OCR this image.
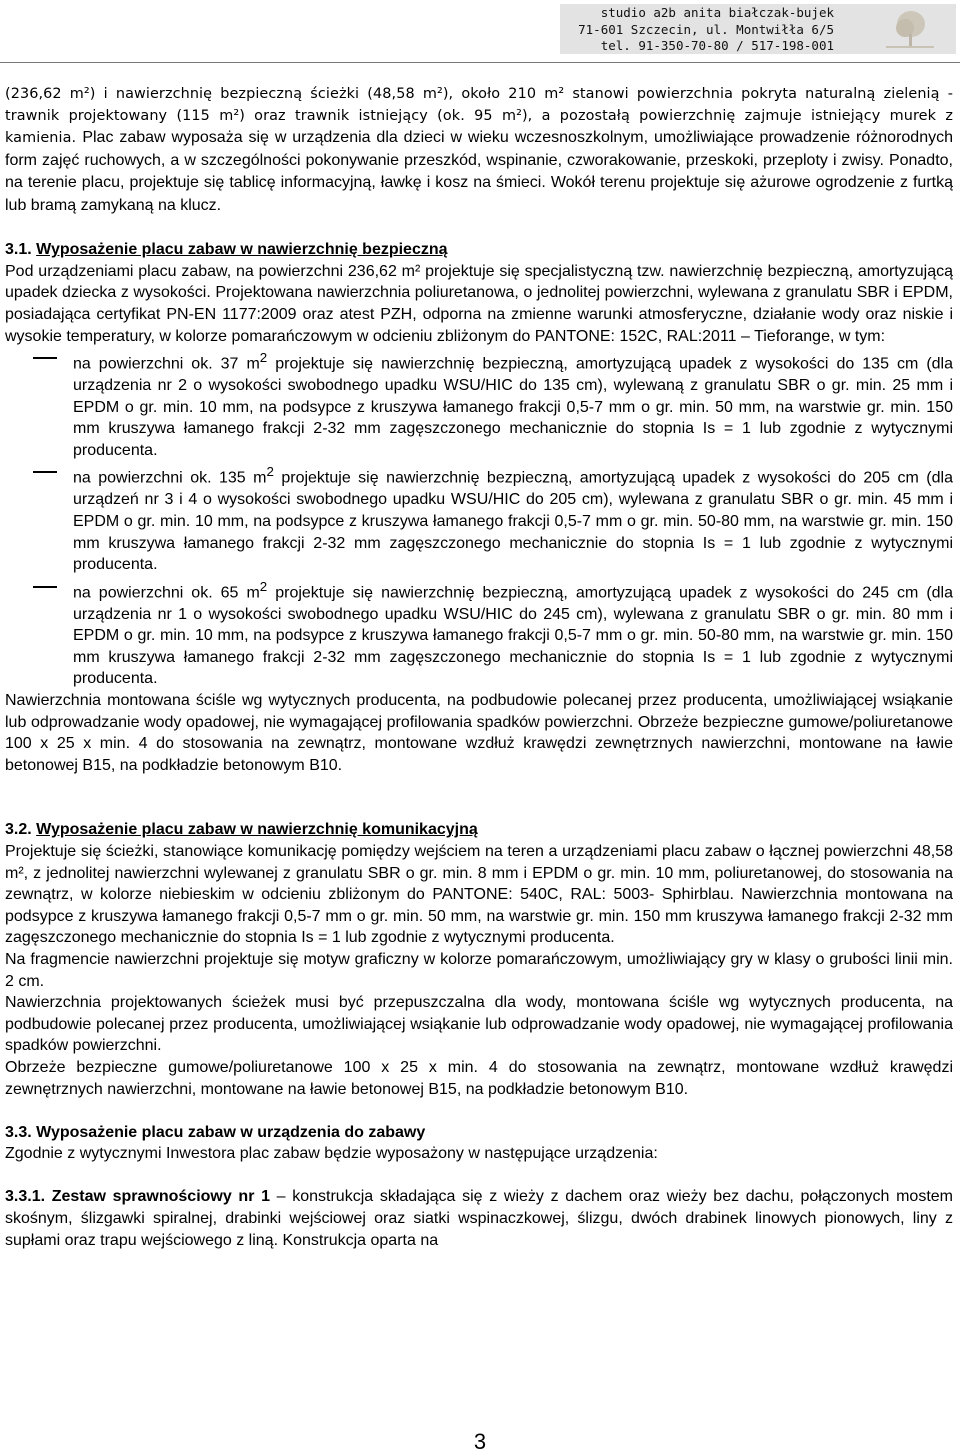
studio a2b anita białczak-bujek
71-601 Szczecin, ul. Montwiłła 6/5
tel. 91-350-70-80 / 517-198-001

(236,62 m²) i nawierzchnię bezpieczną ścieżki (48,58 m²), około 210 m² stanowi powierzchnia pokryta naturalną zielenią - trawnik projektowany (115 m²) oraz trawnik istniejący (ok. 95 m²), a pozostałą powierzchnię zajmuje istniejący murek z kamienia. Plac zabaw wyposaża się w urządzenia dla dzieci w wieku wczesnoszkolnym, umożliwiające prowadzenie różnorodnych form zajęć ruchowych, a w szczególności pokonywanie przeszkód, wspinanie, czworakowanie, przeskoki, przeploty i zwisy. Ponadto, na terenie placu, projektuje się tablicę informacyjną, ławkę i kosz na śmieci. Wokół terenu projektuje się ażurowe ogrodzenie z furtką lub bramą zamykaną na klucz.

3.1. Wyposażenie placu zabaw w nawierzchnię bezpieczną

Pod urządzeniami placu zabaw, na powierzchni 236,62 m² projektuje się specjalistyczną tzw. nawierzchnię bezpieczną, amortyzującą upadek dziecka z wysokości. Projektowana nawierzchnia poliuretanowa, o jednolitej powierzchni, wylewana z granulatu SBR i EPDM, posiadająca certyfikat PN-EN 1177:2009 oraz atest PZH, odporna na zmienne warunki atmosferyczne, działanie wody oraz niskie i wysokie temperatury, w kolorze pomarańczowym w odcieniu zbliżonym do PANTONE: 152C, RAL:2011 – Tieforange, w tym:

na powierzchni ok. 37 $m^2$ projektuje się nawierzchnię bezpieczną, amortyzującą upadek z wysokości do 135 cm (dla urządzenia nr 2 o wysokości swobodnego upadku WSU/HIC do 135 cm), wylewaną z granulatu SBR o gr. min. 25 mm i EPDM o gr. min. 10 mm, na podsypce z kruszywa łamanego frakcji 0,5-7 mm o gr. min. 50 mm, na warstwie gr. min. 150 mm kruszywa łamanego frakcji 2-32 mm zagęszczonego mechanicznie do stopnia Is = 1 lub zgodnie z wytycznymi producenta.
na powierzchni ok. 135 $m^2$ projektuje się nawierzchnię bezpieczną, amortyzującą upadek z wysokości do 205 cm (dla urządzeń nr 3 i 4 o wysokości swobodnego upadku WSU/HIC do 205 cm), wylewana z granulatu SBR o gr. min. 45 mm i EPDM o gr. min. 10 mm, na podsypce z kruszywa łamanego frakcji 0,5-7 mm o gr. min. 50-80 mm, na warstwie gr. min. 150 mm kruszywa łamanego frakcji 2-32 mm zagęszczonego mechanicznie do stopnia Is = 1 lub zgodnie z wytycznymi producenta.
na powierzchni ok. 65 $m^2$ projektuje się nawierzchnię bezpieczną, amortyzującą upadek z wysokości do 245 cm (dla urządzenia nr 1 o wysokości swobodnego upadku WSU/HIC do 245 cm), wylewana z granulatu SBR o gr. min. 80 mm i EPDM o gr. min. 10 mm, na podsypce z kruszywa łamanego frakcji 0,5-7 mm o gr. min. 50-80 mm, na warstwie gr. min. 150 mm kruszywa łamanego frakcji 2-32 mm zagęszczonego mechanicznie do stopnia Is = 1 lub zgodnie z wytycznymi producenta.

Nawierzchnia montowana ściśle wg wytycznych producenta, na podbudowie polecanej przez producenta, umożliwiającej wsiąkanie lub odprowadzanie wody opadowej, nie wymagającej profilowania spadków powierzchni. Obrzeże bezpieczne gumowe/poliuretanowe 100 x 25 x min. 4 do stosowania na zewnątrz, montowane wzdłuż krawędzi zewnętrznych nawierzchni, montowane na ławie betonowej B15, na podkładzie betonowym B10.

3.2. Wyposażenie placu zabaw w nawierzchnię komunikacyjną

Projektuje się ścieżki, stanowiące komunikację pomiędzy wejściem na teren a urządzeniami placu zabaw o łącznej powierzchni 48,58 m², z jednolitej nawierzchni wylewanej z granulatu SBR o gr. min. 8 mm i EPDM o gr. min. 10 mm, poliuretanowej, do stosowania na zewnątrz, w kolorze niebieskim w odcieniu zbliżonym do PANTONE: 540C, RAL: 5003- Sphirblau. Nawierzchnia montowana na podsypce z kruszywa łamanego frakcji 0,5-7 mm o gr. min. 50 mm, na warstwie gr. min. 150 mm kruszywa łamanego frakcji 2-32 mm zagęszczonego mechanicznie do stopnia Is = 1 lub zgodnie z wytycznymi producenta.

Na fragmencie nawierzchni projektuje się motyw graficzny w kolorze pomarańczowym, umożliwiający gry w klasy o grubości linii min. 2 cm.

Nawierzchnia projektowanych ścieżek musi być przepuszczalna dla wody, montowana ściśle wg wytycznych producenta, na podbudowie polecanej przez producenta, umożliwiającej wsiąkanie lub odprowadzanie wody opadowej, nie wymagającej profilowania spadków powierzchni.

Obrzeże bezpieczne gumowe/poliuretanowe 100 x 25 x min. 4 do stosowania na zewnątrz, montowane wzdłuż krawędzi zewnętrznych nawierzchni, montowane na ławie betonowej B15, na podkładzie betonowym B10.

3.3. Wyposażenie placu zabaw w urządzenia do zabawy

Zgodnie z wytycznymi Inwestora plac zabaw będzie wyposażony w następujące urządzenia:

3.3.1. Zestaw sprawnościowy nr 1 – konstrukcja składająca się z wieży z dachem oraz wieży bez dachu, połączonych mostem skośnym, ślizgawki spiralnej, drabinki wejściowej oraz siatki wspinaczkowej, ślizgu, dwóch drabinek linowych pionowych, liny z supłami oraz trapu wejściowego z liną. Konstrukcja oparta na

3
